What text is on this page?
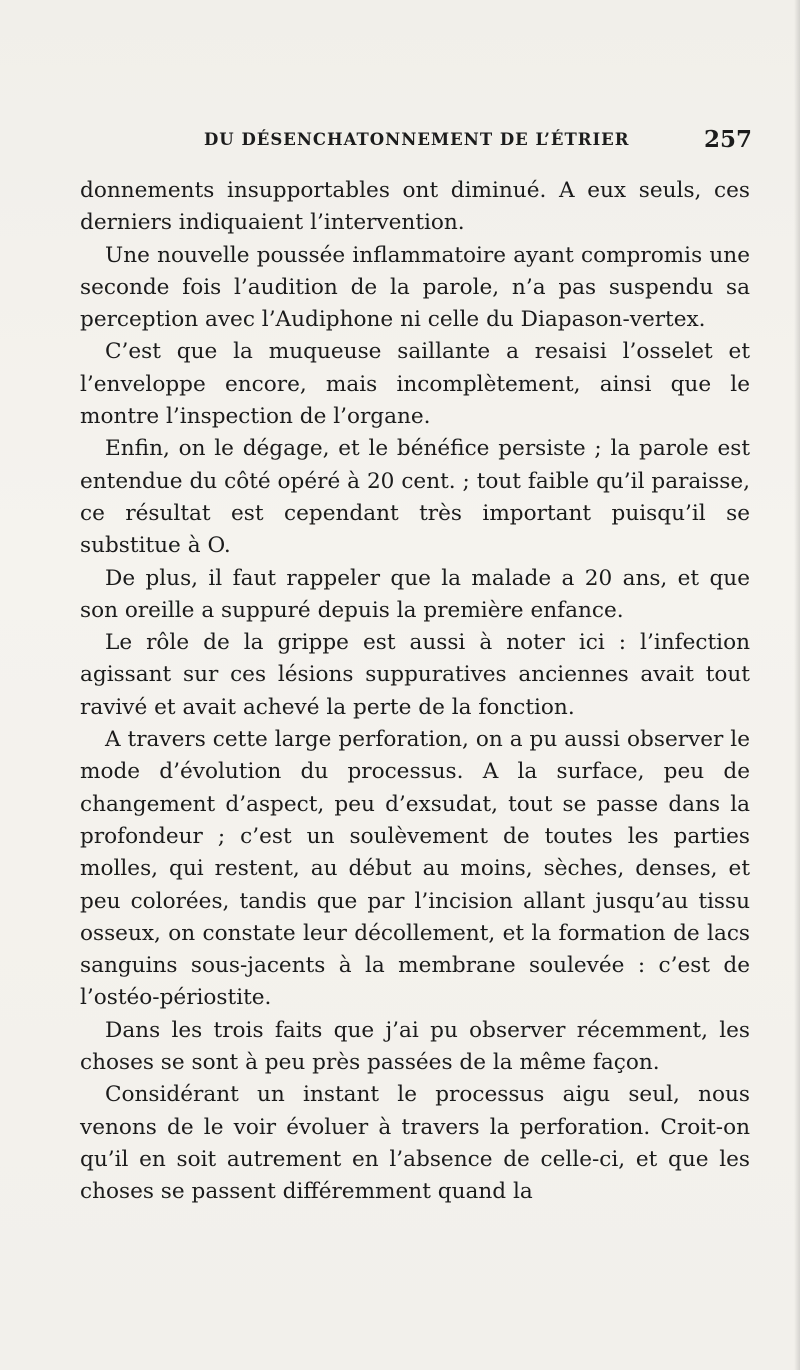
DU DÉSENCHATONNEMENT DE L’ÉTRIER	257

donnements insupportables ont diminué. A eux seuls, ces derniers indiquaient l’intervention.

Une nouvelle poussée inflammatoire ayant compromis une seconde fois l’audition de la parole, n’a pas suspendu sa perception avec l’Audiphone ni celle du Diapason-vertex.

C’est que la muqueuse saillante a resaisi l’osselet et l’enveloppe encore, mais incomplètement, ainsi que le montre l’inspection de l’organe.

Enfin, on le dégage, et le bénéfice persiste ; la parole est entendue du côté opéré à 20 cent. ; tout faible qu’il paraisse, ce résultat est cependant très important puisqu’il se substitue à O.

De plus, il faut rappeler que la malade a 20 ans, et que son oreille a suppuré depuis la première enfance.

Le rôle de la grippe est aussi à noter ici : l’infection agissant sur ces lésions suppuratives anciennes avait tout ravivé et avait achevé la perte de la fonction.

A travers cette large perforation, on a pu aussi observer le mode d’évolution du processus. A la surface, peu de changement d’aspect, peu d’exsudat, tout se passe dans la profondeur ; c’est un soulèvement de toutes les parties molles, qui restent, au début au moins, sèches, denses, et peu colorées, tandis que par l’incision allant jusqu’au tissu osseux, on constate leur décollement, et la formation de lacs sanguins sous-jacents à la membrane soulevée : c’est de l’ostéo-périostite.

Dans les trois faits que j’ai pu observer récemment, les choses se sont à peu près passées de la même façon.

Considérant un instant le processus aigu seul, nous venons de le voir évoluer à travers la perforation. Croit-on qu’il en soit autrement en l’absence de celle-ci, et que les choses se passent différemment quand la
